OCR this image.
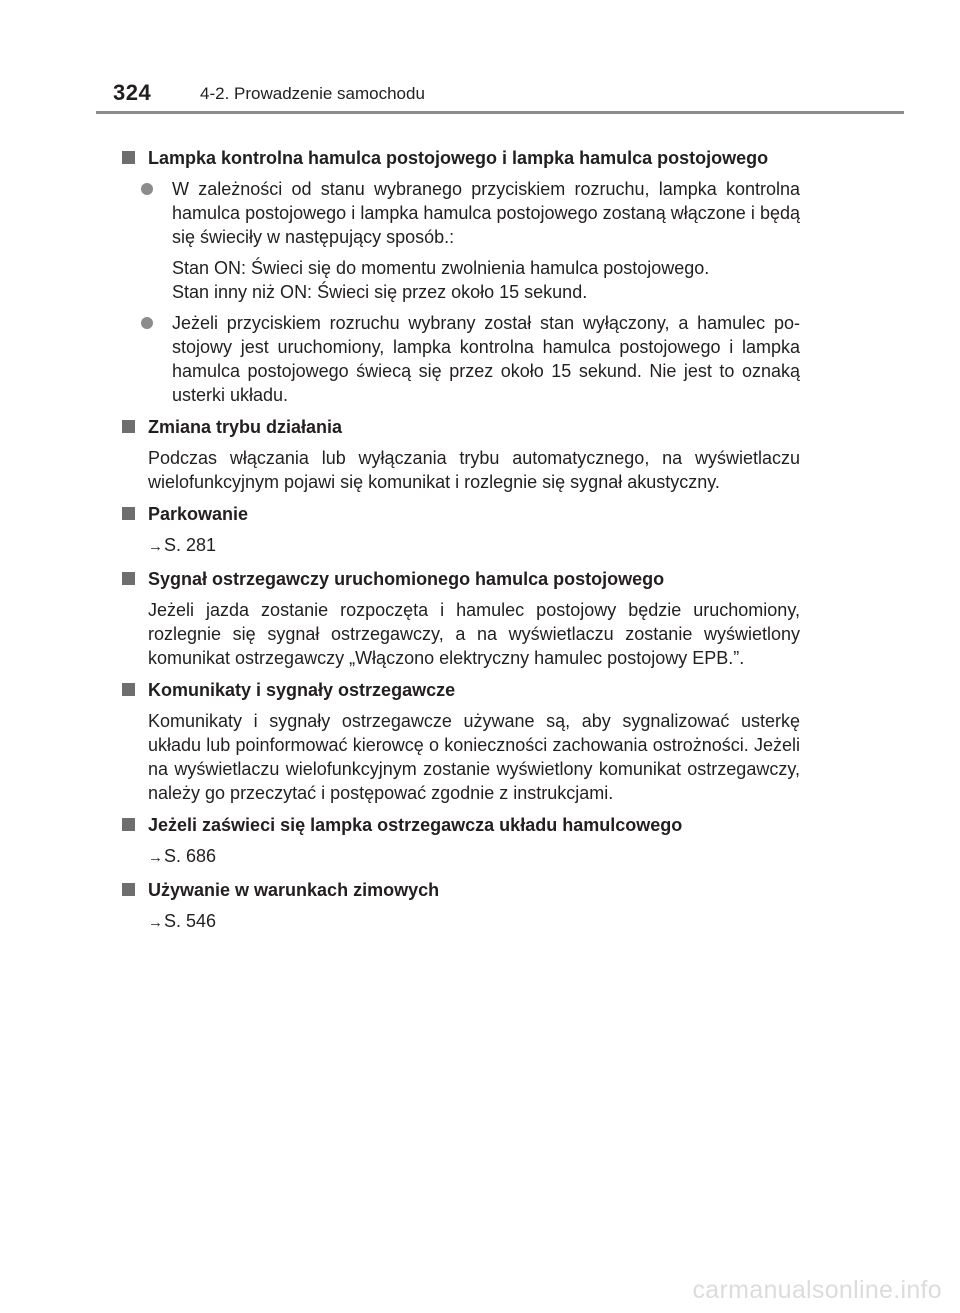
324	4-2. Prowadzenie samochodu

Lampka kontrolna hamulca postojowego i lampka hamulca postojowego

W zależności od stanu wybranego przyciskiem rozruchu, lampka kontrolna hamulca postojowego i lampka hamulca postojowego zostaną włączone i będą się świeciły w następujący sposób.:

Stan ON: Świeci się do momentu zwolnienia hamulca postojowego.

Stan inny niż ON: Świeci się przez około 15 sekund.

Jeżeli przyciskiem rozruchu wybrany został stan wyłączony, a hamulec po-stojowy jest uruchomiony, lampka kontrolna hamulca postojowego i lampka hamulca postojowego świecą się przez około 15 sekund. Nie jest to oznaką usterki układu.

Zmiana trybu działania

Podczas włączania lub wyłączania trybu automatycznego, na wyświetlaczu wielofunkcyjnym pojawi się komunikat i rozlegnie się sygnał akustyczny.

Parkowanie

→S. 281

Sygnał ostrzegawczy uruchomionego hamulca postojowego

Jeżeli jazda zostanie rozpoczęta i hamulec postojowy będzie uruchomiony, rozlegnie się sygnał ostrzegawczy, a na wyświetlaczu zostanie wyświetlony komunikat ostrzegawczy „Włączono elektryczny hamulec postojowy EPB.”.

Komunikaty i sygnały ostrzegawcze

Komunikaty i sygnały ostrzegawcze używane są, aby sygnalizować usterkę układu lub poinformować kierowcę o konieczności zachowania ostrożności. Jeżeli na wyświetlaczu wielofunkcyjnym zostanie wyświetlony komunikat ostrzegawczy, należy go przeczytać i postępować zgodnie z instrukcjami.

Jeżeli zaświeci się lampka ostrzegawcza układu hamulcowego

→S. 686

Używanie w warunkach zimowych

→S. 546

carmanualsonline.info
